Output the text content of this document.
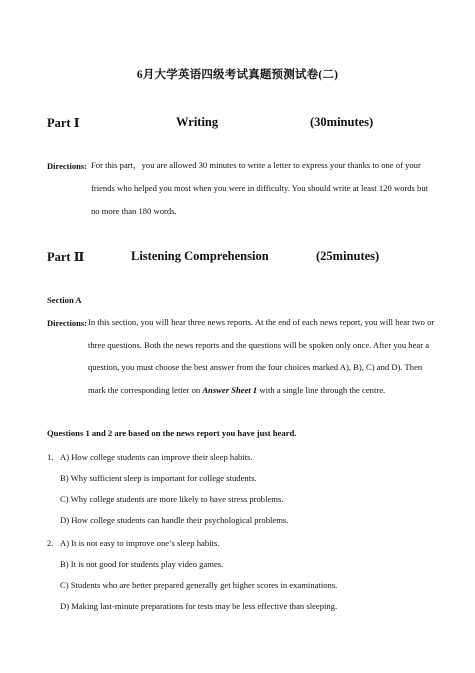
6月大学英语四级考试真题预测试卷(二)
Part Ⅰ	Writing	(30minutes)
Directions: For this part，you are allowed 30 minutes to write a letter to express your thanks to one of your
friends who helped you most when you were in difficulty. You should write at least 120 words but
no more than 180 words.
Part Ⅱ	Listening Comprehension	(25minutes)
Section A
Directions: In this section, you will hear three news reports. At the end of each news report, you will hear two or
three questions. Both the news reports and the questions will be spoken only once. After you hear a
question, you must choose the best answer from the four choices marked A), B), C) and D). Then
mark the corresponding letter on Answer Sheet 1 with a single line through the centre.
Questions 1 and 2 are based on the news report you have just heard.
1. A) How college students can improve their sleep habits.
B) Why sufficient sleep is important for college students.
C) Why college students are more likely to have stress problems.
D) How college students can handle their psychological problems.
2. A) It is not easy to improve one’s sleep habits.
B) It is not good for students play video games.
C) Students who are better prepared generally get higher scores in examinations.
D) Making last-minute preparations for tests may be less effective than sleeping.
